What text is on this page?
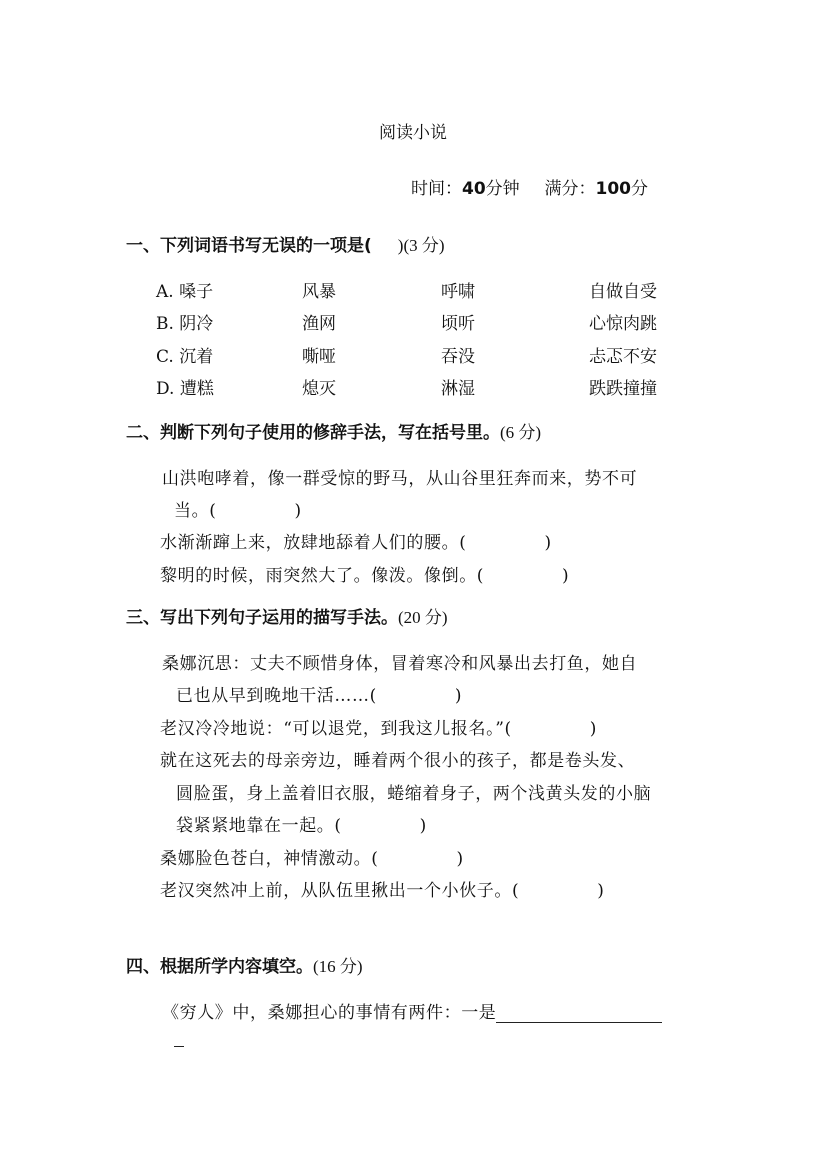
阅读小说
时间：40分钟 满分：100分
一、下列词语书写无误的一项是( )(3 分)
A. 嗓子	风暴	呼啸	自做自受
B. 阴冷	渔网	顷听	心惊肉跳
C. 沉着	嘶哑	吞没	忐忑不安
D. 遭糕	熄灭	淋湿	跌跌撞撞
二、判断下列句子使用的修辞手法，写在括号里。(6 分)
山洪咆哮着，像一群受惊的野马，从山谷里狂奔而来，势不可
当。(	)
水渐渐蹿上来，放肆地舔着人们的腰。(	)
黎明的时候，雨突然大了。像泼。像倒。(	)
三、写出下列句子运用的描写手法。(20 分)
桑娜沉思：丈夫不顾惜身体，冒着寒冷和风暴出去打鱼，她自
已也从早到晚地干活……(	)
老汉冷冷地说：“可以退党，到我这儿报名。”(	)
就在这死去的母亲旁边，睡着两个很小的孩子，都是卷头发、
圆脸蛋，身上盖着旧衣服，蜷缩着身子，两个浅黄头发的小脑
袋紧紧地靠在一起。(	)
桑娜脸色苍白，神情激动。(	)
老汉突然冲上前，从队伍里揪出一个小伙子。(	)
四、根据所学内容填空。(16 分)
《穷人》中，桑娜担心的事情有两件：一是
